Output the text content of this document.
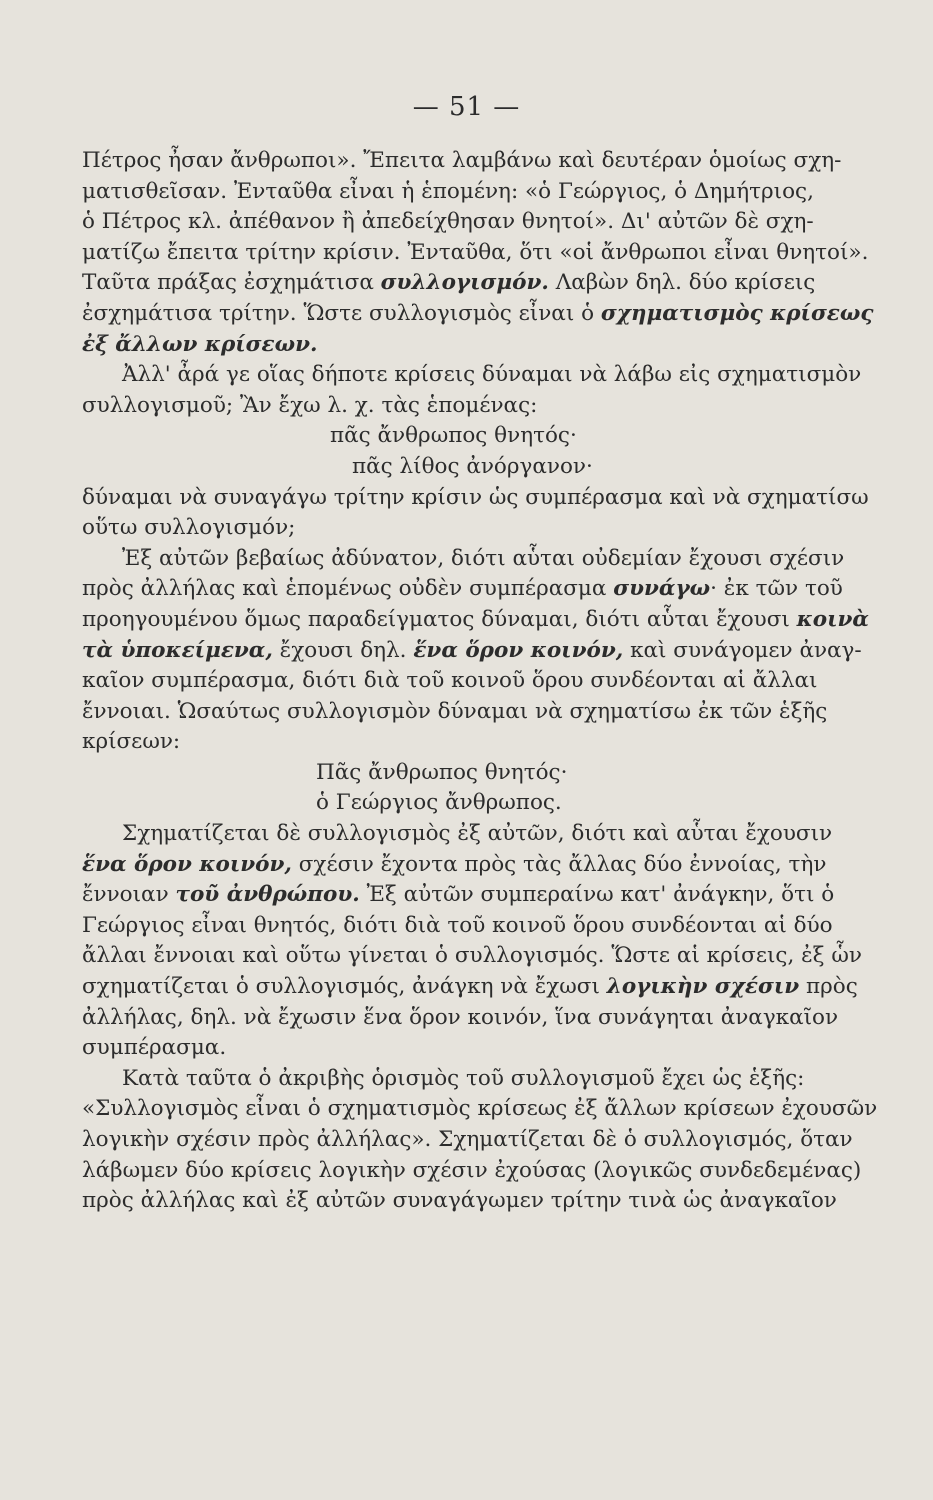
— 51 —
Πέτρος ἦσαν ἄνθρωποι». Ἔπειτα λαμβάνω καὶ δευτέραν ὁμοίως σχη-
ματισθεῖσαν. Ἐνταῦθα εἶναι ἡ ἑπομένη: «ὁ Γεώργιος, ὁ Δημήτριος,
ὁ Πέτρος κλ. ἀπέθανον ἢ ἀπεδείχθησαν θνητοί». Δι' αὐτῶν δὲ σχη-
ματίζω ἔπειτα τρίτην κρίσιν. Ἐνταῦθα, ὅτι «οἱ ἄνθρωποι εἶναι θνητοί».
Ταῦτα πράξας ἐσχημάτισα συλλογισμόν. Λαβὼν δηλ. δύο κρίσεις
ἐσχημάτισα τρίτην. Ὥστε συλλογισμὸς εἶναι ὁ σχηματισμὸς κρίσεως
ἐξ ἄλλων κρίσεων.
Ἀλλ' ἆρά γε οἵας δήποτε κρίσεις δύναμαι νὰ λάβω εἰς σχηματισμὸν
συλλογισμοῦ; Ἂν ἔχω λ. χ. τὰς ἑπομένας:
πᾶς ἄνθρωπος θνητός·
πᾶς λίθος ἀνόργανον·
δύναμαι νὰ συναγάγω τρίτην κρίσιν ὡς συμπέρασμα καὶ νὰ σχηματίσω
οὕτω συλλογισμόν;
Ἐξ αὐτῶν βεβαίως ἀδύνατον, διότι αὗται οὐδεμίαν ἔχουσι σχέσιν
πρὸς ἀλλήλας καὶ ἑπομένως οὐδὲν συμπέρασμα συνάγω· ἐκ τῶν τοῦ
προηγουμένου ὅμως παραδείγματος δύναμαι, διότι αὗται ἔχουσι κοινὰ
τὰ ὑποκείμενα, ἔχουσι δηλ. ἕνα ὅρον κοινόν, καὶ συνάγομεν ἀναγ-
καῖον συμπέρασμα, διότι διὰ τοῦ κοινοῦ ὅρου συνδέονται αἱ ἄλλαι
ἔννοιαι. Ὡσαύτως συλλογισμὸν δύναμαι νὰ σχηματίσω ἐκ τῶν ἑξῆς
κρίσεων:
Πᾶς ἄνθρωπος θνητός·
ὁ Γεώργιος ἄνθρωπος.
Σχηματίζεται δὲ συλλογισμὸς ἐξ αὐτῶν, διότι καὶ αὗται ἔχουσιν
ἕνα ὅρον κοινόν, σχέσιν ἔχοντα πρὸς τὰς ἄλλας δύο ἐννοίας, τὴν
ἔννοιαν τοῦ ἀνθρώπου. Ἐξ αὐτῶν συμπεραίνω κατ' ἀνάγκην, ὅτι ὁ
Γεώργιος εἶναι θνητός, διότι διὰ τοῦ κοινοῦ ὅρου συνδέονται αἱ δύο
ἄλλαι ἔννοιαι καὶ οὕτω γίνεται ὁ συλλογισμός. Ὥστε αἱ κρίσεις, ἐξ ὧν
σχηματίζεται ὁ συλλογισμός, ἀνάγκη νὰ ἔχωσι λογικὴν σχέσιν πρὸς
ἀλλήλας, δηλ. νὰ ἔχωσιν ἕνα ὅρον κοινόν, ἵνα συνάγηται ἀναγκαῖον
συμπέρασμα.
Κατὰ ταῦτα ὁ ἀκριβὴς ὁρισμὸς τοῦ συλλογισμοῦ ἔχει ὡς ἑξῆς:
«Συλλογισμὸς εἶναι ὁ σχηματισμὸς κρίσεως ἐξ ἄλλων κρίσεων ἐχουσῶν
λογικὴν σχέσιν πρὸς ἀλλήλας». Σχηματίζεται δὲ ὁ συλλογισμός, ὅταν
λάβωμεν δύο κρίσεις λογικὴν σχέσιν ἐχούσας (λογικῶς συνδεδεμένας)
πρὸς ἀλλήλας καὶ ἐξ αὐτῶν συναγάγωμεν τρίτην τινὰ ὡς ἀναγκαῖον
